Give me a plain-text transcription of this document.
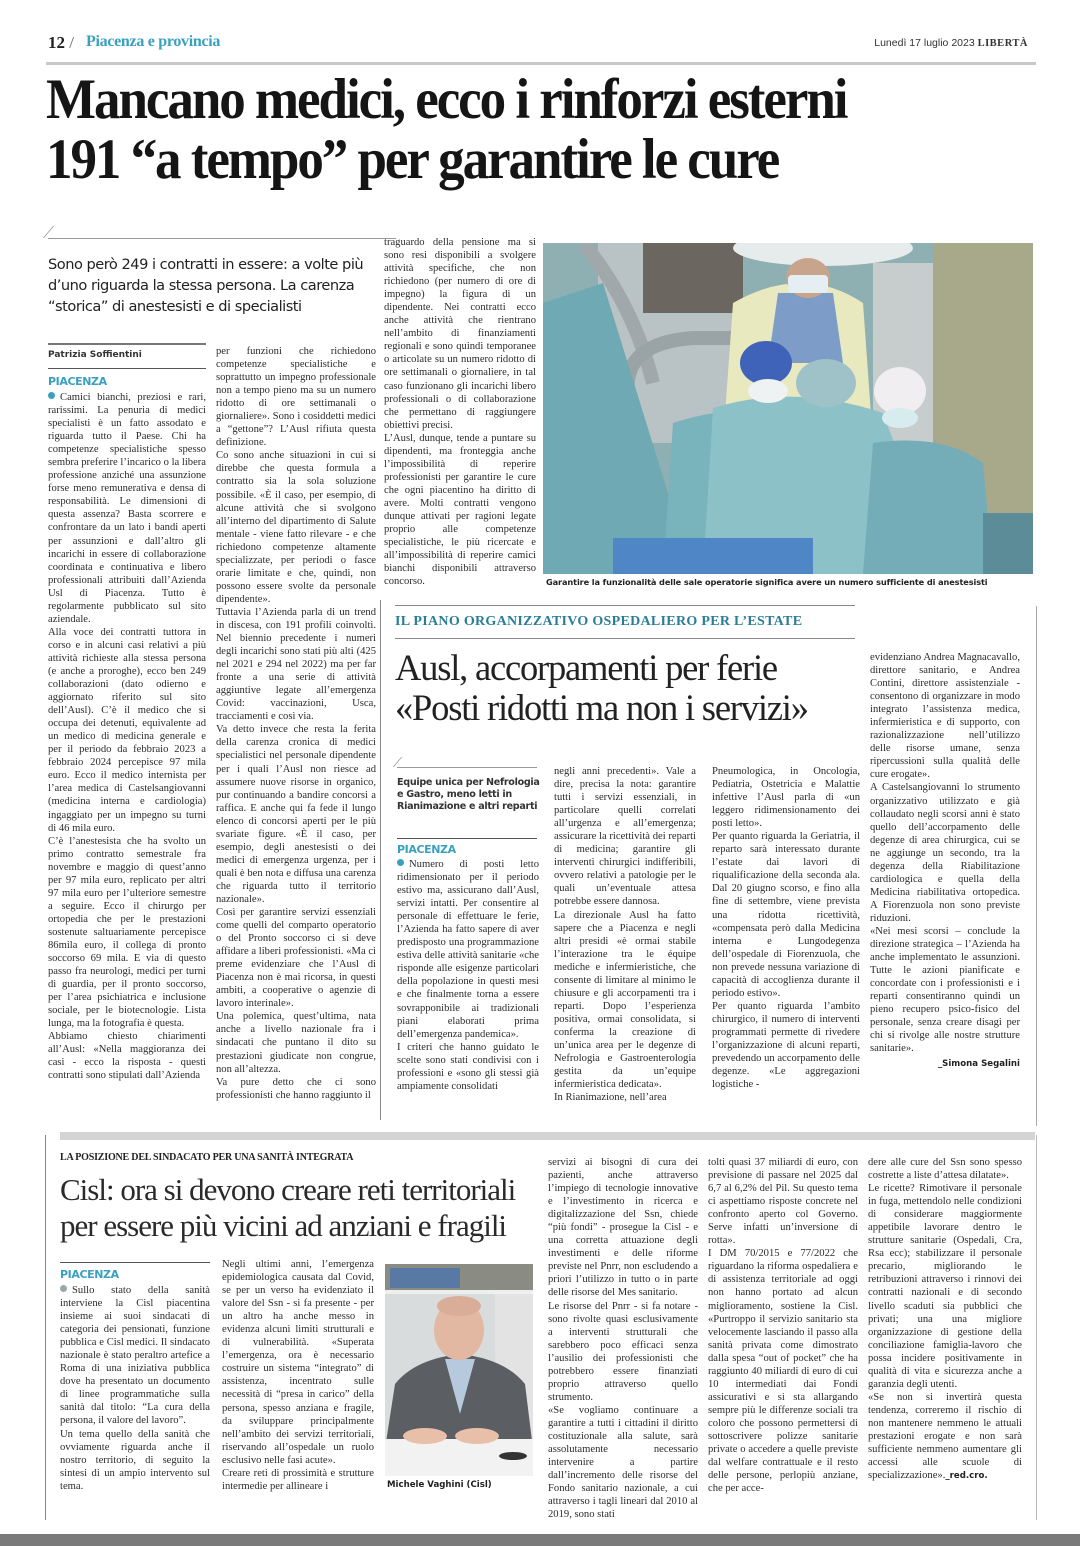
12 / Piacenza e provincia	Lunedì 17 luglio 2023 LIBERTÀ
Mancano medici, ecco i rinforzi esterni
191 “a tempo” per garantire le cure
Sono però 249 i contratti in essere: a volte più d’uno riguarda la stessa persona. La carenza “storica” di anestesisti e di specialisti
Patrizia Soffientini
PIACENZA

Camici bianchi, preziosi e rari, rarissimi. La penuria di medici specialisti è un fatto assodato e riguarda tutto il Paese. Chi ha competenze specialistiche spesso sembra preferire l’incarico o la libera professione anziché una assunzione forse meno remunerativa e densa di responsabilità. Le dimensioni di questa assenza? Basta scorrere e confrontare da un lato i bandi aperti per assunzioni e dall’altro gli incarichi in essere di collaborazione coordinata e continuativa e libero professionali attribuiti dall’Azienda Usl di Piacenza. Tutto è regolarmente pubblicato sul sito aziendale.

Alla voce dei contratti tuttora in corso e in alcuni casi relativi a più attività richieste alla stessa persona (e anche a proroghe), ecco ben 249 collaborazioni (dato odierno e aggiornato riferito sul sito dell’Ausl). C’è il medico che si occupa dei detenuti, equivalente ad un medico di medicina generale e per il periodo da febbraio 2023 a febbraio 2024 percepisce 97 mila euro. Ecco il medico internista per l’area medica di Castelsangiovanni (medicina interna e cardiologia) ingaggiato per un impegno su turni di 46 mila euro.

C’è l’anestesista che ha svolto un primo contratto semestrale fra novembre e maggio di quest’anno per 97 mila euro, replicato per altri 97 mila euro per l’ulteriore semestre a seguire. Ecco il chirurgo per ortopedia che per le prestazioni sostenute saltuariamente percepisce 86mila euro, il collega di pronto soccorso 69 mila. E via di questo passo fra neurologi, medici per turni di guardia, per il pronto soccorso, per l’area psichiatrica e inclusione sociale, per le biotecnologie. Lista lunga, ma la fotografia è questa.

Abbiamo chiesto chiarimenti all’Ausl: «Nella maggioranza dei casi - ecco la risposta - questi contratti sono stipulati dall’Azienda

per funzioni che richiedono competenze specialistiche e soprattutto un impegno professionale non a tempo pieno ma su un numero ridotto di ore settimanali o giornaliere». Sono i cosiddetti medici a “gettone”? L’Ausl rifiuta questa definizione.

Co sono anche situazioni in cui si direbbe che questa formula a contratto sia la sola soluzione possibile. «È il caso, per esempio, di alcune attività che si svolgono all’interno del dipartimento di Salute mentale - viene fatto rilevare - e che richiedono competenze altamente specializzate, per periodi o fasce orarie limitate e che, quindi, non possono essere svolte da personale dipendente».

Tuttavia l’Azienda parla di un trend in discesa, con 191 profili coinvolti. Nel biennio precedente i numeri degli incarichi sono stati più alti (425 nel 2021 e 294 nel 2022) ma per far fronte a una serie di attività aggiuntive legate all’emergenza Covid: vaccinazioni, Usca, tracciamenti e così via.

Va detto invece che resta la ferita della carenza cronica di medici specialistici nel personale dipendente per i quali l’Ausl non riesce ad assumere nuove risorse in organico, pur continuando a bandire concorsi a raffica. E anche qui fa fede il lungo elenco di concorsi aperti per le più svariate figure. «È il caso, per esempio, degli anestesisti o dei medici di emergenza urgenza, per i quali è ben nota e diffusa una carenza che riguarda tutto il territorio nazionale».

Così per garantire servizi essenziali come quelli del comparto operatorio o del Pronto soccorso ci si deve affidare a liberi professionisti. «Ma ci preme evidenziare che l’Ausl di Piacenza non è mai ricorsa, in questi ambiti, a cooperative o agenzie di lavoro interinale».

Una polemica, quest’ultima, nata anche a livello nazionale fra i sindacati che puntano il dito su prestazioni giudicate non congrue, non all’altezza.

Va pure detto che ci sono professionisti che hanno raggiunto il

traguardo della pensione ma si sono resi disponibili a svolgere attività specifiche, che non richiedono (per numero di ore di impegno) la figura di un dipendente. Nei contratti ecco anche attività che rientrano nell’ambito di finanziamenti regionali e sono quindi temporanee o articolate su un numero ridotto di ore settimanali o giornaliere, in tal caso funzionano gli incarichi libero professionali o di collaborazione che permettano di raggiungere obiettivi precisi.

L’Ausl, dunque, tende a puntare su dipendenti, ma fronteggia anche l’impossibilità di reperire professionisti per garantire le cure che ogni piacentino ha diritto di avere. Molti contratti vengono dunque attivati per ragioni legate proprio alle competenze specialistiche, le più ricercate e all’impossibilità di reperire camici bianchi disponibili attraverso concorso.	Garantire la funzionalità delle sale operatorie significa avere un numero sufficiente di anestesisti
IL PIANO ORGANIZZATIVO OSPEDALIERO PER L’ESTATE
Ausl, accorpamenti per ferie
«Posti ridotti ma non i servizi»
Equipe unica per Nefrologia e Gastro, meno letti in Rianimazione e altri reparti
PIACENZA

Numero di posti letto ridimensionato per il periodo estivo ma, assicurano dall’Ausl, servizi intatti. Per consentire al personale di effettuare le ferie, l’Azienda ha fatto sapere di aver predisposto una programmazione estiva delle attività sanitarie «che risponde alle esigenze particolari della popolazione in questi mesi e che finalmente torna a essere sovrapponibile ai tradizionali piani elaborati prima dell’emergenza pandemica».

I criteri che hanno guidato le scelte sono stati condivisi con i professioni e «sono gli stessi già ampiamente consolidati

negli anni precedenti». Vale a dire, precisa la nota: garantire tutti i servizi essenziali, in particolare quelli correlati all’urgenza e all’emergenza; assicurare la ricettività dei reparti di medicina; garantire gli interventi chirurgici indifferibili, ovvero relativi a patologie per le quali un’eventuale attesa potrebbe essere dannosa.

La direzionale Ausl ha fatto sapere che a Piacenza e negli altri presidi «è ormai stabile l’interazione tra le équipe mediche e infermieristiche, che consente di limitare al minimo le chiusure e gli accorpamenti tra i reparti. Dopo l’esperienza positiva, ormai consolidata, si conferma la creazione di un’unica area per le degenze di Nefrologia e Gastroenterologia gestita da un’equipe infermieristica dedicata».

In Rianimazione, nell’area

Pneumologica, in Oncologia, Pediatria, Ostetricia e Malattie infettive l’Ausl parla di «un leggero ridimensionamento dei posti letto».

Per quanto riguarda la Geriatria, il reparto sarà interessato durante l’estate dai lavori di riqualificazione della seconda ala. Dal 20 giugno scorso, e fino alla fine di settembre, viene prevista una ridotta ricettività, «compensata però dalla Medicina interna e Lungodegenza dell’ospedale di Fiorenzuola, che non prevede nessuna variazione di capacità di accoglienza durante il periodo estivo».

Per quanto riguarda l’ambito chirurgico, il numero di interventi programmati permette di rivedere l’organizzazione di alcuni reparti, prevedendo un accorpamento delle degenze. «Le aggregazioni logistiche -

evidenziano Andrea Magnacavallo, direttore sanitario, e Andrea Contini, direttore assistenziale - consentono di organizzare in modo integrato l’assistenza medica, infermieristica e di supporto, con razionalizzazione nell’utilizzo delle risorse umane, senza ripercussioni sulla qualità delle cure erogate».

A Castelsangiovanni lo strumento organizzativo utilizzato e già collaudato negli scorsi anni è stato quello dell’accorpamento delle degenze di area chirurgica, cui se ne aggiunge un secondo, tra la degenza della Riabilitazione cardiologica e quella della Medicina riabilitativa ortopedica. A Fiorenzuola non sono previste riduzioni.

«Nei mesi scorsi – conclude la direzione strategica – l’Azienda ha anche implementato le assunzioni. Tutte le azioni pianificate e concordate con i professionisti e i reparti consentiranno quindi un pieno recupero psico-fisico del personale, senza creare disagi per chi si rivolge alle nostre strutture sanitarie».

_Simona Segalini

LA POSIZIONE DEL SINDACATO PER UNA SANITÀ INTEGRATA
Cisl: ora si devono creare reti territoriali
per essere più vicini ad anziani e fragili
PIACENZA

Sullo stato della sanità interviene la Cisl piacentina insieme ai suoi sindacati di categoria dei pensionati, funzione pubblica e Cisl medici. Il sindacato nazionale è stato peraltro artefice a Roma di una iniziativa pubblica dove ha presentato un documento di linee programmatiche sulla sanità dal titolo: “La cura della persona, il valore del lavoro”.

Un tema quello della sanità che ovviamente riguarda anche il nostro territorio, di seguito la sintesi di un ampio intervento sul tema.

Negli ultimi anni, l’emergenza epidemiologica causata dal Covid, se per un verso ha evidenziato il valore del Ssn - si fa presente - per un altro ha anche messo in evidenza alcuni limiti strutturali e di vulnerabilità. «Superata l’emergenza, ora è necessario costruire un sistema “integrato” di assistenza, incentrato sulle necessità di “presa in carico” della persona, spesso anziana e fragile, da sviluppare principalmente nell’ambito dei servizi territoriali, riservando all’ospedale un ruolo esclusivo nelle fasi acute».

Creare reti di prossimità e strutture intermedie per allineare i	Michele Vaghini (Cisl)

servizi ai bisogni di cura dei pazienti, anche attraverso l’impiego di tecnologie innovative e l’investimento in ricerca e digitalizzazione del Ssn, chiede “più fondi” - prosegue la Cisl - e una corretta attuazione degli investimenti e delle riforme previste nel Pnrr, non escludendo a priori l’utilizzo in tutto o in parte delle risorse del Mes sanitario.

Le risorse del Pnrr - si fa notare - sono rivolte quasi esclusivamente a interventi strutturali che sarebbero poco efficaci senza l’ausilio dei professionisti che potrebbero essere finanziati proprio attraverso quello strumento.

«Se vogliamo continuare a garantire a tutti i cittadini il diritto costituzionale alla salute, sarà assolutamente necessario intervenire a partire dall’incremento delle risorse del Fondo sanitario nazionale, a cui attraverso i tagli lineari dal 2010 al 2019, sono stati

tolti quasi 37 miliardi di euro, con previsione di passare nel 2025 dal 6,7 al 6,2% del Pil. Su questo tema ci aspettiamo risposte concrete nel confronto aperto col Governo. Serve infatti un’inversione di rotta».

I DM 70/2015 e 77/2022 che riguardano la riforma ospedaliera e di assistenza territoriale ad oggi non hanno portato ad alcun miglioramento, sostiene la Cisl. «Purtroppo il servizio sanitario sta velocemente lasciando il passo alla sanità privata come dimostrato dalla spesa “out of pocket” che ha raggiunto 40 miliardi di euro di cui 10 intermediati dai Fondi assicurativi e si sta allargando sempre più le differenze sociali tra coloro che possono permettersi di sottoscrivere polizze sanitarie private o accedere a quelle previste dal welfare contrattuale e il resto delle persone, perlopiù anziane, che per acce-

dere alle cure del Ssn sono spesso costrette a liste d’attesa dilatate».

Le ricette? Rimotivare il personale in fuga, mettendolo nelle condizioni di considerare maggiormente appetibile lavorare dentro le strutture sanitarie (Ospedali, Cra, Rsa ecc); stabilizzare il personale precario, migliorando le retribuzioni attraverso i rinnovi dei contratti nazionali e di secondo livello scaduti sia pubblici che privati; una una migliore organizzazione di gestione della conciliazione famiglia-lavoro che possa incidere positivamente in qualità di vita e sicurezza anche a garanzia degli utenti.

«Se non si invertirà questa tendenza, correremo il rischio di non mantenere nemmeno le attuali prestazioni erogate e non sarà sufficiente nemmeno aumentare gli accessi alle scuole di specializzazione»._red.cro.
